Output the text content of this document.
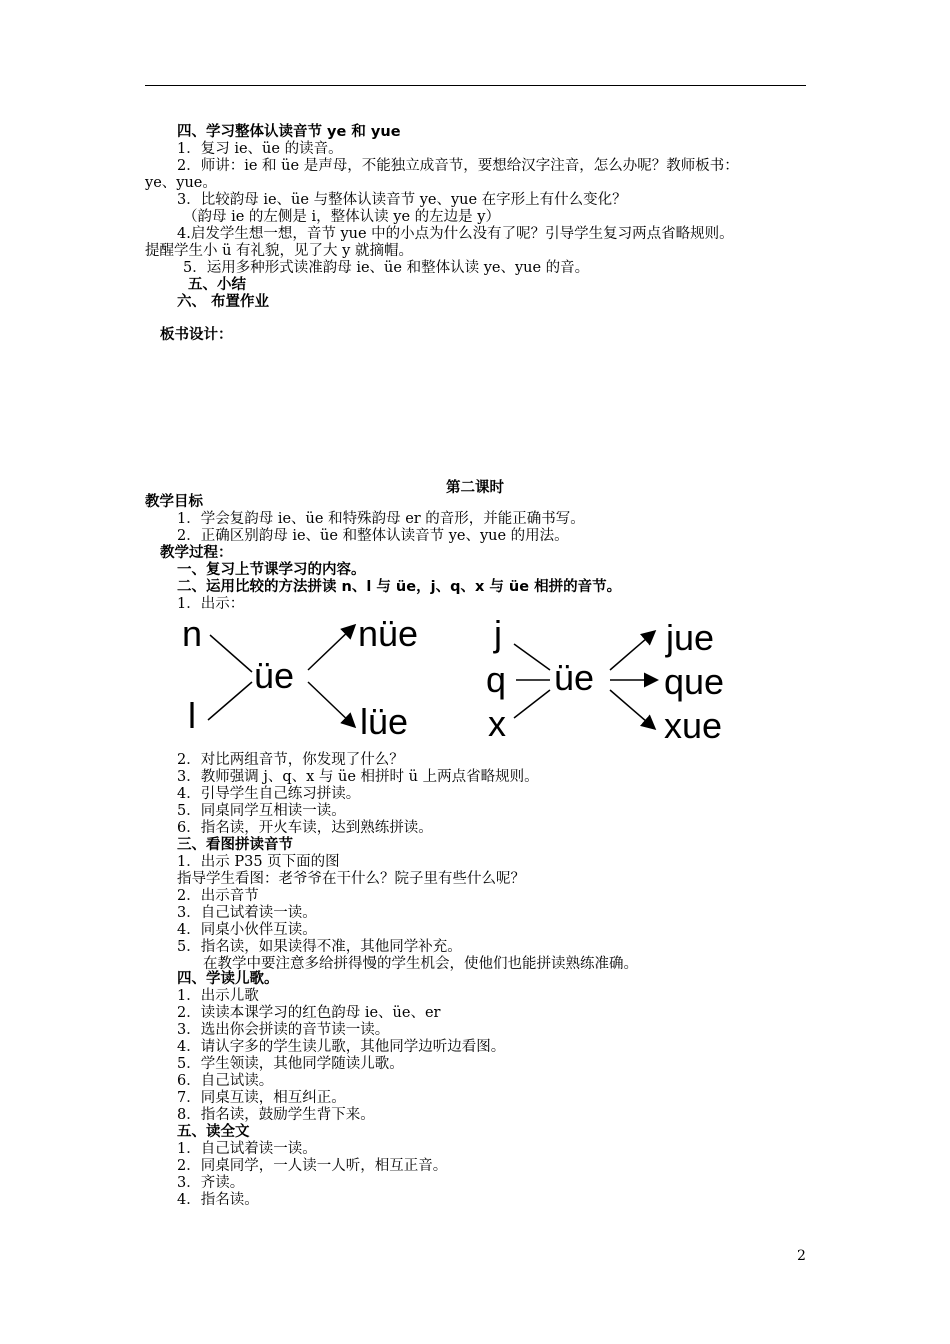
四、学习整体认读音节 ye 和 yue
1．复习 ie、üe 的读音。
2．师讲：ie 和 üe 是声母，不能独立成音节，要想给汉字注音，怎么办呢？教师板书：
ye、yue。
3．比较韵母 ie、üe 与整体认读音节 ye、yue 在字形上有什么变化？
（韵母 ie 的左侧是 i，整体认读 ye 的左边是 y）
4.启发学生想一想，音节 yue 中的小点为什么没有了呢？引导学生复习两点省略规则。
提醒学生小 ü 有礼貌，见了大 y 就摘帽。
5．运用多种形式读准韵母 ie、üe 和整体认读 ye、yue 的音。
五、小结
六、 布置作业
板书设计：
第二课时
教学目标
1．学会复韵母 ie、üe 和特殊韵母 er 的音形，并能正确书写。
2．正确区别韵母 ie、üe 和整体认读音节 ye、yue 的用法。
教学过程：
一、复习上节课学习的内容。
二、运用比较的方法拼读 n、l 与 üe，j、q、x 与 üe 相拼的音节。
1．出示：
n
l
üe
nüe
lüe
j
q
x
üe
jue
que
xue
2．对比两组音节，你发现了什么？
3．教师强调 j、q、x 与 üe 相拼时 ü 上两点省略规则。
4．引导学生自己练习拼读。
5．同桌同学互相读一读。
6．指名读，开火车读，达到熟练拼读。
三、看图拼读音节
1．出示 P35 页下面的图
指导学生看图：老爷爷在干什么？院子里有些什么呢？
2．出示音节
3．自己试着读一读。
4．同桌小伙伴互读。
5．指名读，如果读得不准，其他同学补充。
在教学中要注意多给拼得慢的学生机会，使他们也能拼读熟练准确。
四、学读儿歌。
1．出示儿歌
2．读读本课学习的红色韵母 ie、üe、er
3．选出你会拼读的音节读一读。
4．请认字多的学生读儿歌，其他同学边听边看图。
5．学生领读，其他同学随读儿歌。
6．自己试读。
7．同桌互读，相互纠正。
8．指名读，鼓励学生背下来。
五、读全文
1．自己试着读一读。
2．同桌同学，一人读一人听，相互正音。
3．齐读。
4．指名读。
2
